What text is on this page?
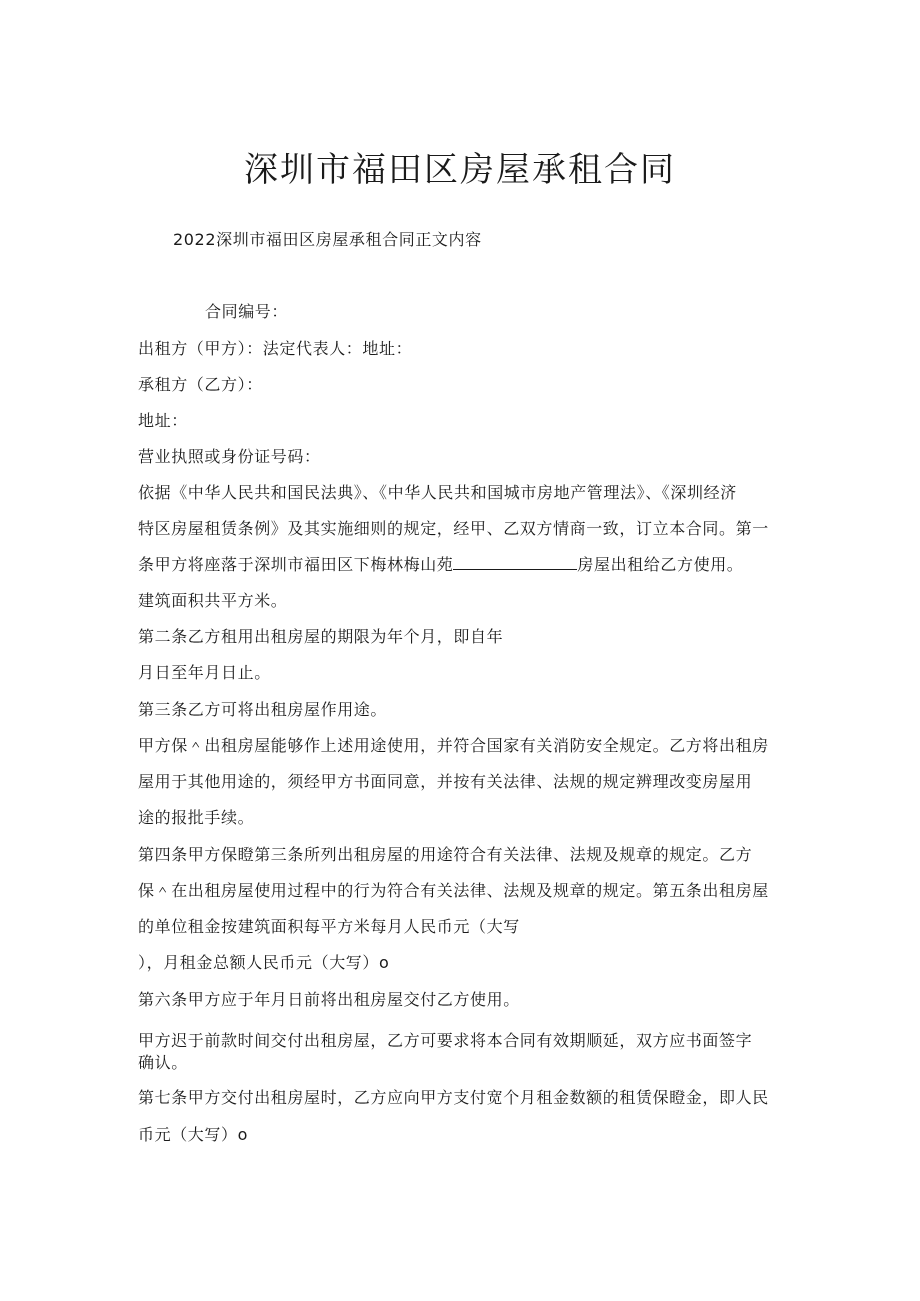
深圳市福田区房屋承租合同

2022深圳市福田区房屋承租合同正文内容

合同编号：

出租方（甲方）：法定代表人：地址：

承租方（乙方）：

地址：

营业执照或身份证号码：

依据《中华人民共和国民法典》、《中华人民共和国城市房地产管理法》、《深圳经济

特区房屋租赁条例》及其实施细则的规定，经甲、乙双方情商一致，订立本合同。第一

条甲方将座落于深圳市福田区下梅林梅山苑	房屋出租给乙方使用。

建筑面积共平方米。

第二条乙方租用出租房屋的期限为年个月，即自年

月日至年月日止。

第三条乙方可将出租房屋作用途。

甲方保＾出租房屋能够作上述用途使用，并符合国家有关消防安全规定。乙方将出租房

屋用于其他用途的，须经甲方书面同意，并按有关法律、法规的规定辨理改变房屋用

途的报批手续。

第四条甲方保瞪第三条所列出租房屋的用途符合有关法律、法规及规章的规定。乙方

保＾在出租房屋使用过程中的行为符合有关法律、法规及规章的规定。第五条出租房屋

的单位租金按建筑面积每平方米每月人民币元（大写

），月租金总额人民币元（大写）o

第六条甲方应于年月日前将出租房屋交付乙方使用。

甲方迟于前款时间交付出租房屋，乙方可要求将本合同有效期顺延，双方应书面签字

确认。

第七条甲方交付出租房屋时，乙方应向甲方支付宽个月租金数额的租赁保瞪金，即人民

币元（大写）o
